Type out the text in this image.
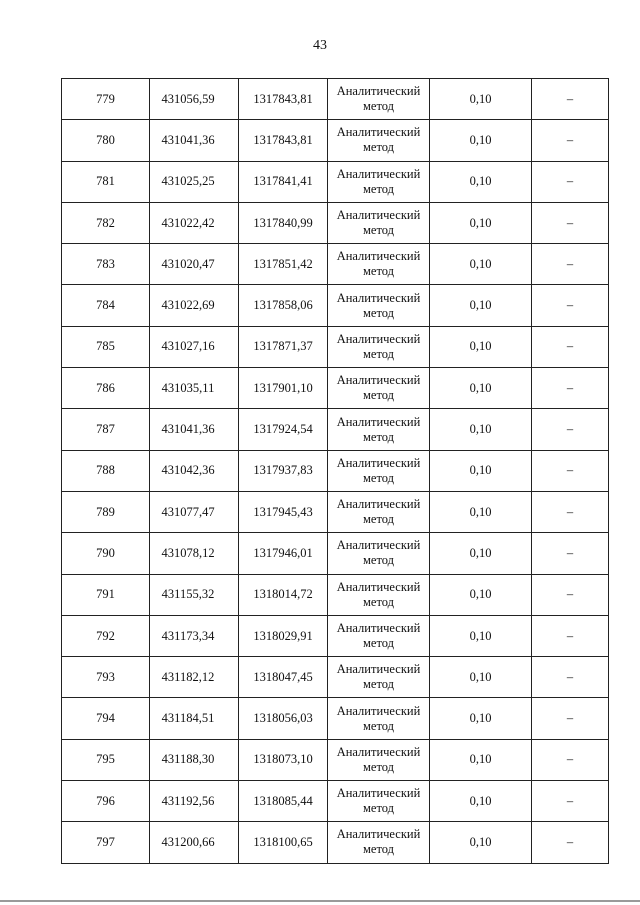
43
779	431056,59	1317843,81	Аналитический метод	0,10	–
780	431041,36	1317843,81	Аналитический метод	0,10	–
781	431025,25	1317841,41	Аналитический метод	0,10	–
782	431022,42	1317840,99	Аналитический метод	0,10	–
783	431020,47	1317851,42	Аналитический метод	0,10	–
784	431022,69	1317858,06	Аналитический метод	0,10	–
785	431027,16	1317871,37	Аналитический метод	0,10	–
786	431035,11	1317901,10	Аналитический метод	0,10	–
787	431041,36	1317924,54	Аналитический метод	0,10	–
788	431042,36	1317937,83	Аналитический метод	0,10	–
789	431077,47	1317945,43	Аналитический метод	0,10	–
790	431078,12	1317946,01	Аналитический метод	0,10	–
791	431155,32	1318014,72	Аналитический метод	0,10	–
792	431173,34	1318029,91	Аналитический метод	0,10	–
793	431182,12	1318047,45	Аналитический метод	0,10	–
794	431184,51	1318056,03	Аналитический метод	0,10	–
795	431188,30	1318073,10	Аналитический метод	0,10	–
796	431192,56	1318085,44	Аналитический метод	0,10	–
797	431200,66	1318100,65	Аналитический метод	0,10	–
